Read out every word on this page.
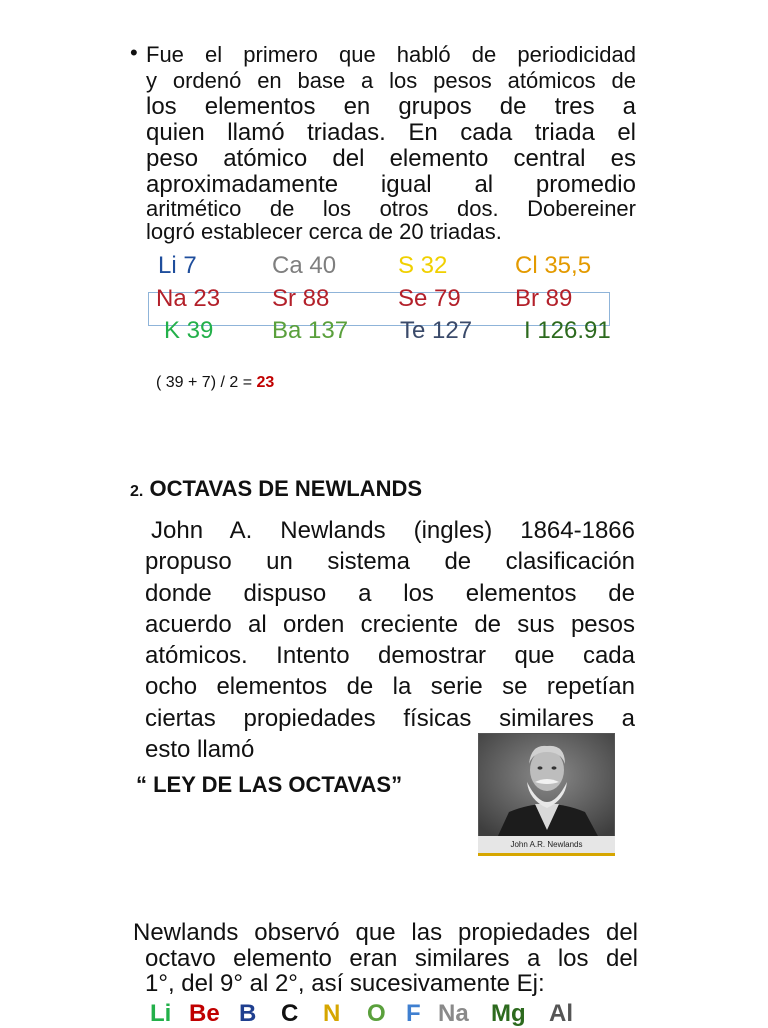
• Fue el primero que habló de periodicidad
y ordenó en base a los pesos atómicos de
los elementos en grupos de tres a
quien llamó triadas. En cada triada el
peso atómico del elemento central es
aproximadamente igual al promedio
aritmético de los otros dos. Dobereiner
logró establecer cerca de 20 triadas.
Li 7	Ca 40	S 32	Cl 35,5
Na 23 Sr 88	Se 79 Br 89
K 39 Ba 137 Te 127 I 126.91
( 39 + 7) / 2 = 23
2. OCTAVAS DE NEWLANDS
John A. Newlands (ingles) 1864-1866
propuso un sistema de clasificación
donde dispuso a los elementos de
acuerdo al orden creciente de sus pesos
atómicos. Intento demostrar que cada
ocho elementos de la serie se repetían
ciertas propiedades físicas similares a
esto llamó
“ LEY DE LAS OCTAVAS”
John A.R. Newlands
Newlands observó que las propiedades del
octavo elemento eran similares a los del
1°, del 9° al 2°, así sucesivamente Ej:
Li Be B C N O F Na Mg Al
